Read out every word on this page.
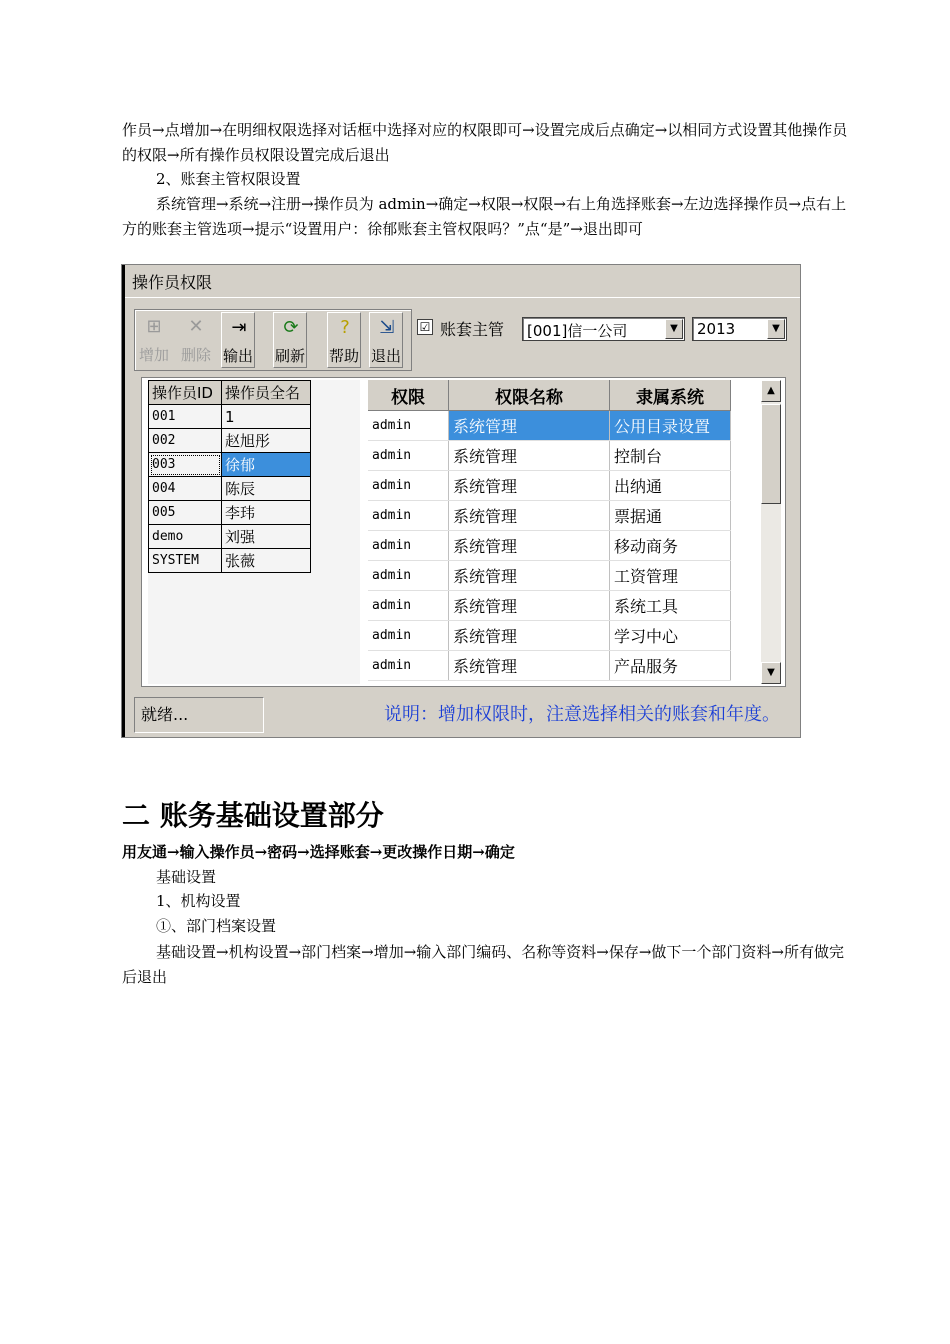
作员→点增加→在明细权限选择对话框中选择对应的权限即可→设置完成后点确定→以相同方式设置其他操作员的权限→所有操作员权限设置完成后退出
2、账套主管权限设置
系统管理→系统→注册→操作员为 admin→确定→权限→权限→右上角选择账套→左边选择操作员→点右上方的账套主管选项→提示“设置用户：徐郁账套主管权限吗？”点“是”→退出即可
操作员权限
⊞
增加
✕
删除
⇥
输出
⟳
刷新
?
帮助
⇲
退出
☑ 账套主管 [001]信一公司	▼	2013	▼
操作员ID	操作员全名
001	1
002	赵旭彤
003	徐郁
004	陈辰
005	李玮
demo	刘强
SYSTEM	张薇
权限	权限名称	隶属系统
admin	系统管理	公用目录设置
admin	系统管理	控制台
admin	系统管理	出纳通
admin	系统管理	票据通
admin	系统管理	移动商务
admin	系统管理	工资管理
admin	系统管理	系统工具
admin	系统管理	学习中心
admin	系统管理	产品服务
▲
▼
就绪...	说明：增加权限时，注意选择相关的账套和年度。
二 账务基础设置部分
用友通→输入操作员→密码→选择账套→更改操作日期→确定
基础设置
1、机构设置
①、部门档案设置
基础设置→机构设置→部门档案→增加→输入部门编码、名称等资料→保存→做下一个部门资料→所有做完后退出
